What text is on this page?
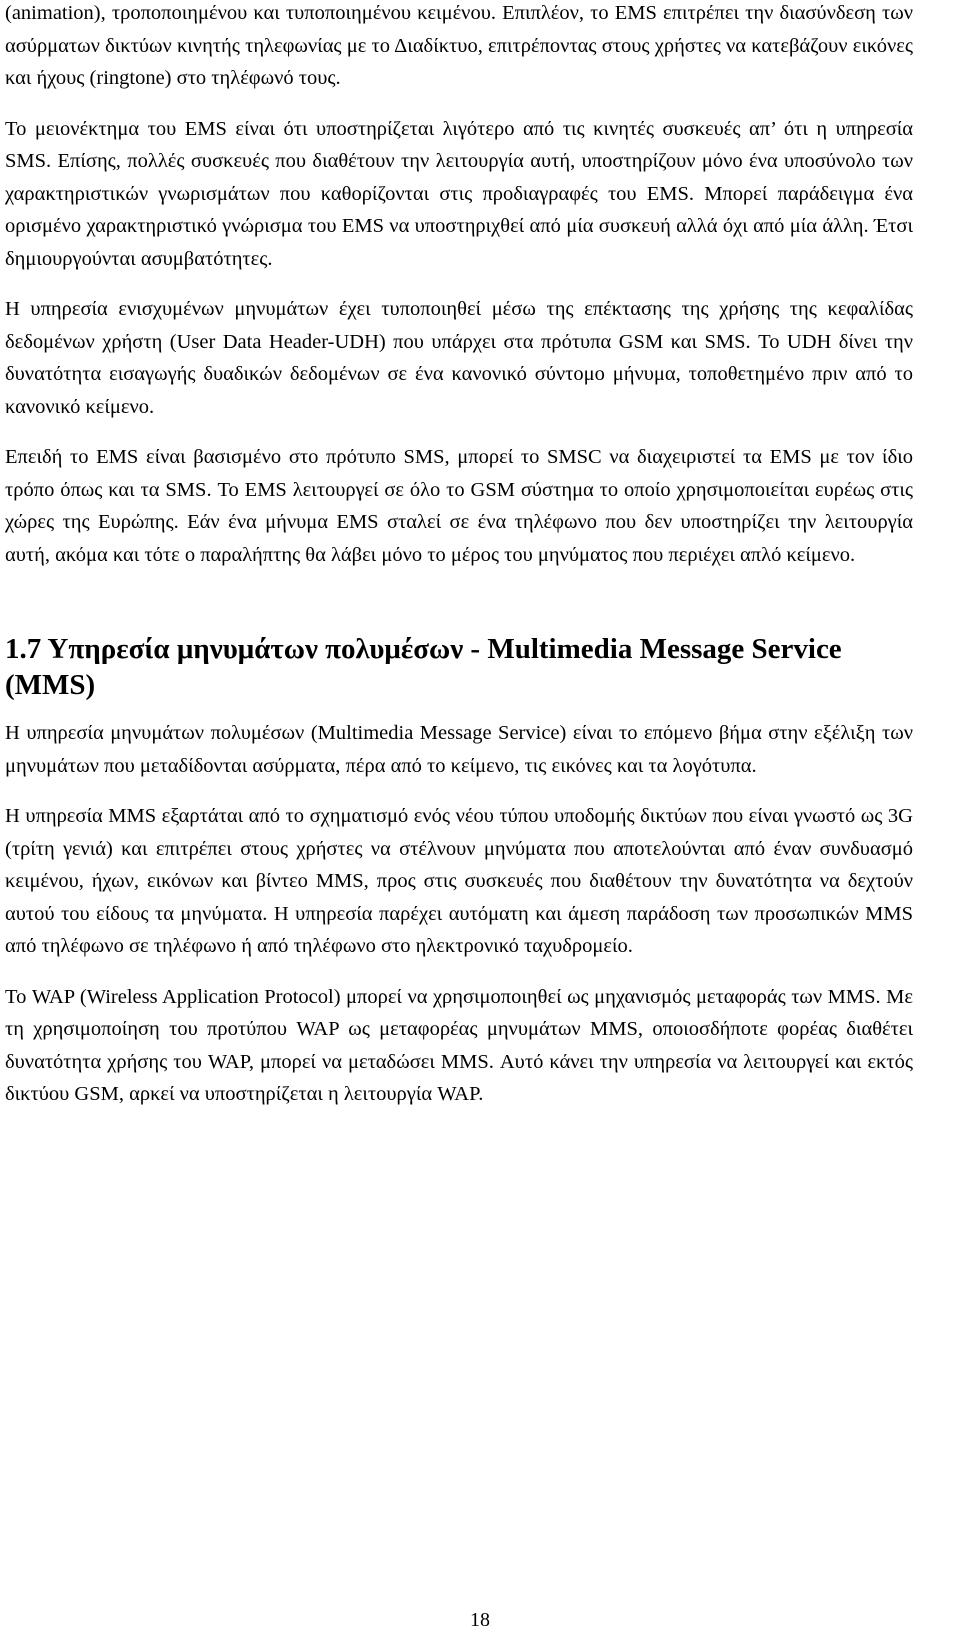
(animation), τροποποιημένου και τυποποιημένου κειμένου. Επιπλέον, το EMS επιτρέπει την διασύνδεση των ασύρματων δικτύων κινητής τηλεφωνίας με το Διαδίκτυο, επιτρέποντας στους χρήστες να κατεβάζουν εικόνες και ήχους (ringtone) στο τηλέφωνό τους.

Το μειονέκτημα του EMS είναι ότι υποστηρίζεται λιγότερο από τις κινητές συσκευές απ’ ότι η υπηρεσία SMS. Επίσης, πολλές συσκευές που διαθέτουν την λειτουργία αυτή, υποστηρίζουν μόνο ένα υποσύνολο των χαρακτηριστικών γνωρισμάτων που καθορίζονται στις προδιαγραφές του EMS. Μπορεί παράδειγμα ένα ορισμένο χαρακτηριστικό γνώρισμα του EMS να υποστηριχθεί από μία συσκευή αλλά όχι από μία άλλη. Έτσι δημιουργούνται ασυμβατότητες.

Η υπηρεσία ενισχυμένων μηνυμάτων έχει τυποποιηθεί μέσω της επέκτασης της χρήσης της κεφαλίδας δεδομένων χρήστη (User Data Header-UDH) που υπάρχει στα πρότυπα GSM και SMS. Το UDH δίνει την δυνατότητα εισαγωγής δυαδικών δεδομένων σε ένα κανονικό σύντομο μήνυμα, τοποθετημένο πριν από το κανονικό κείμενο.

Επειδή το EMS είναι βασισμένο στο πρότυπο SMS, μπορεί το SMSC να διαχειριστεί τα EMS με τον ίδιο τρόπο όπως και τα SMS. Το EMS λειτουργεί σε όλο το GSM σύστημα το οποίο χρησιμοποιείται ευρέως στις χώρες της Ευρώπης. Εάν ένα μήνυμα EMS σταλεί σε ένα τηλέφωνο που δεν υποστηρίζει την λειτουργία αυτή, ακόμα και τότε ο παραλήπτης θα λάβει μόνο το μέρος του μηνύματος που περιέχει απλό κείμενο.

1.7 Υπηρεσία μηνυμάτων πολυμέσων - Multimedia Message Service (MMS)

Η υπηρεσία μηνυμάτων πολυμέσων (Multimedia Message Service) είναι το επόμενο βήμα στην εξέλιξη των μηνυμάτων που μεταδίδονται ασύρματα, πέρα από το κείμενο, τις εικόνες και τα λογότυπα.

Η υπηρεσία MMS εξαρτάται από το σχηματισμό ενός νέου τύπου υποδομής δικτύων που είναι γνωστό ως 3G (τρίτη γενιά) και επιτρέπει στους χρήστες να στέλνουν μηνύματα που αποτελούνται από έναν συνδυασμό κειμένου, ήχων, εικόνων και βίντεο MMS, προς στις συσκευές που διαθέτουν την δυνατότητα να δεχτούν αυτού του είδους τα μηνύματα. Η υπηρεσία παρέχει αυτόματη και άμεση παράδοση των προσωπικών MMS από τηλέφωνο σε τηλέφωνο ή από τηλέφωνο στο ηλεκτρονικό ταχυδρομείο.

Το WAP (Wireless Application Protocol) μπορεί να χρησιμοποιηθεί ως μηχανισμός μεταφοράς των MMS. Με τη χρησιμοποίηση του προτύπου WAP ως μεταφορέας μηνυμάτων MMS, οποιοσδήποτε φορέας διαθέτει δυνατότητα χρήσης του WAP, μπορεί να μεταδώσει MMS. Αυτό κάνει την υπηρεσία να λειτουργεί και εκτός δικτύου GSM, αρκεί να υποστηρίζεται η λειτουργία WAP.

18
